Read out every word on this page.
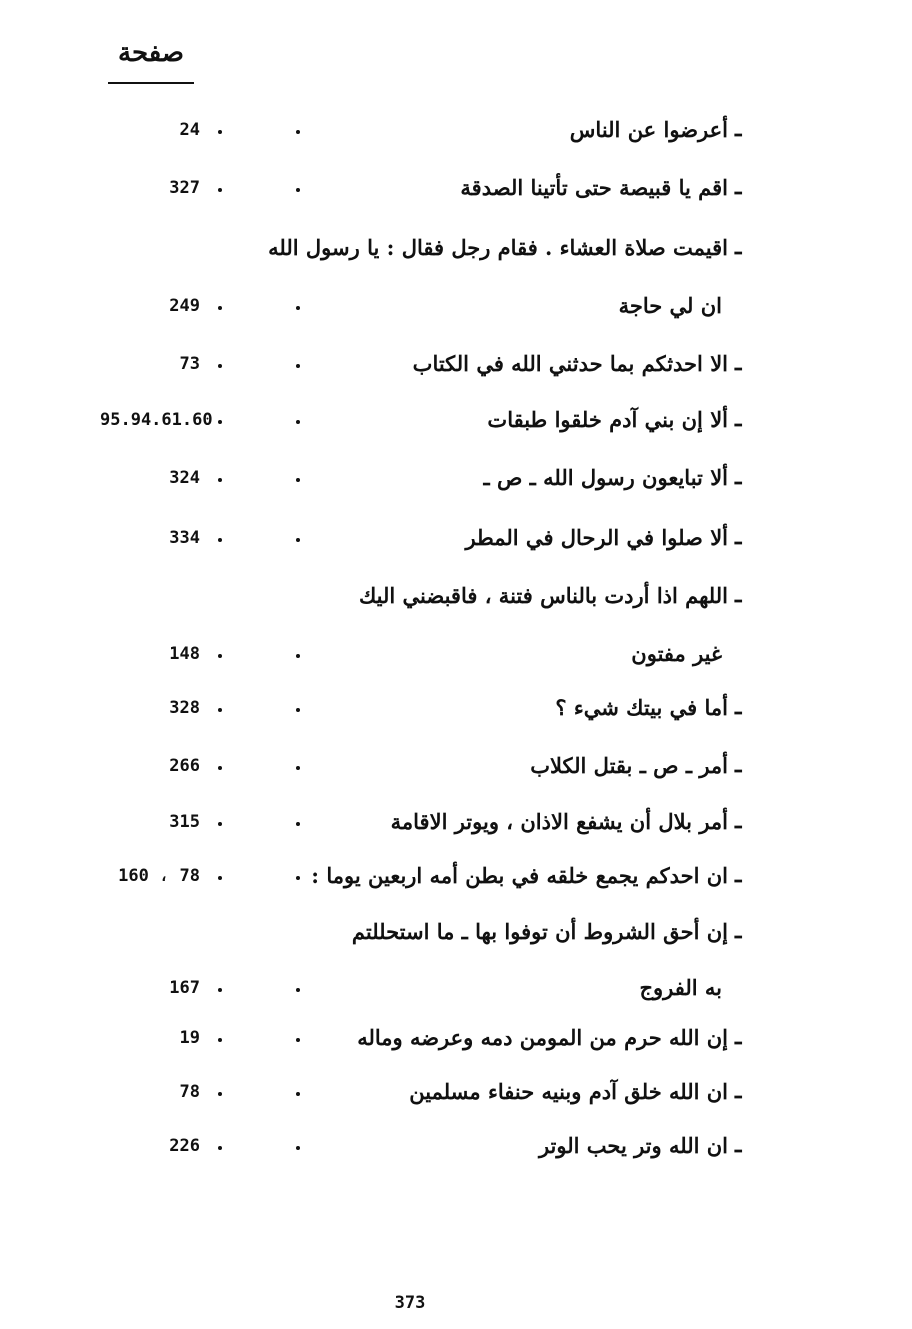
صفحة
ـ
أعرضوا عن الناس
24
ـ
اقم يا قبيصة حتى تأتينا الصدقة
327
ـ
اقيمت صلاة العشاء . فقام رجل فقال : يا رسول الله
ان لي حاجة
249
ـ
الا احدثكم بما حدثني الله في الكتاب
73
ـ
ألا إن بني آدم خلقوا طبقات
95.94.61.60
ـ
ألا تبايعون رسول الله ـ ص ـ
324
ـ
ألا صلوا في الرحال في المطر
334
ـ
اللهم اذا أردت بالناس فتنة ، فاقبضني اليك
غير مفتون
148
ـ
أما في بيتك شيء ؟
328
ـ
أمر ـ ص ـ بقتل الكلاب
266
ـ
أمر بلال أن يشفع الاذان ، ويوتر الاقامة
315
ـ
ان احدكم يجمع خلقه في بطن أمه اربعين يوما :
160 ، 78
ـ
إن أحق الشروط أن توفوا بها ـ ما استحللتم
به الفروج
167
ـ
إن الله حرم من المومن دمه وعرضه وماله
19
ـ
ان الله خلق آدم وبنيه حنفاء مسلمين
78
ـ
ان الله وتر يحب الوتر
226
373
